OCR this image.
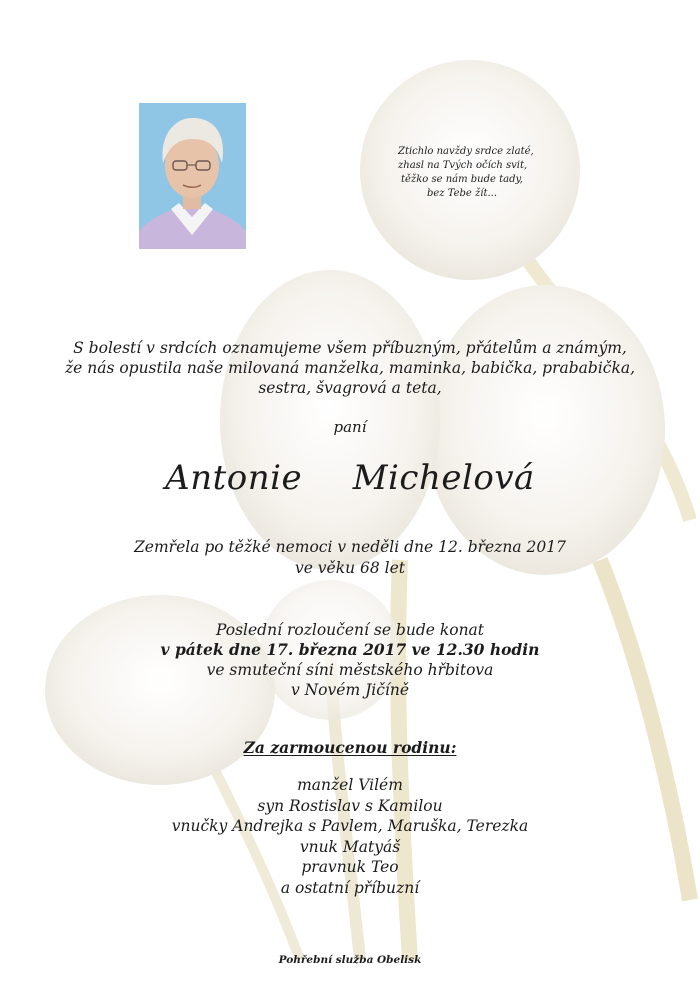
Ztichlo navždy srdce zlaté,
zhasl na Tvých očích svit,
těžko se nám bude tady,
bez Tebe žít...
S bolestí v srdcích oznamujeme všem příbuzným, přátelům a známým,
že nás opustila naše milovaná manželka, maminka, babička, prababička,
sestra, švagrová a teta,
paní
Antonie  Michelová
Zemřela po těžké nemoci v neděli dne 12. března 2017
ve věku 68 let
Poslední rozloučení se bude konat
v pátek dne 17. března 2017 ve 12.30 hodin
ve smuteční síni městského hřbitova
v Novém Jičíně
Za zarmoucenou rodinu:
manžel Vilém
syn Rostislav s Kamilou
vnučky Andrejka s Pavlem, Maruška, Terezka
vnuk Matyáš
pravnuk Teo
a ostatní příbuzní
Pohřební služba Obelisk
